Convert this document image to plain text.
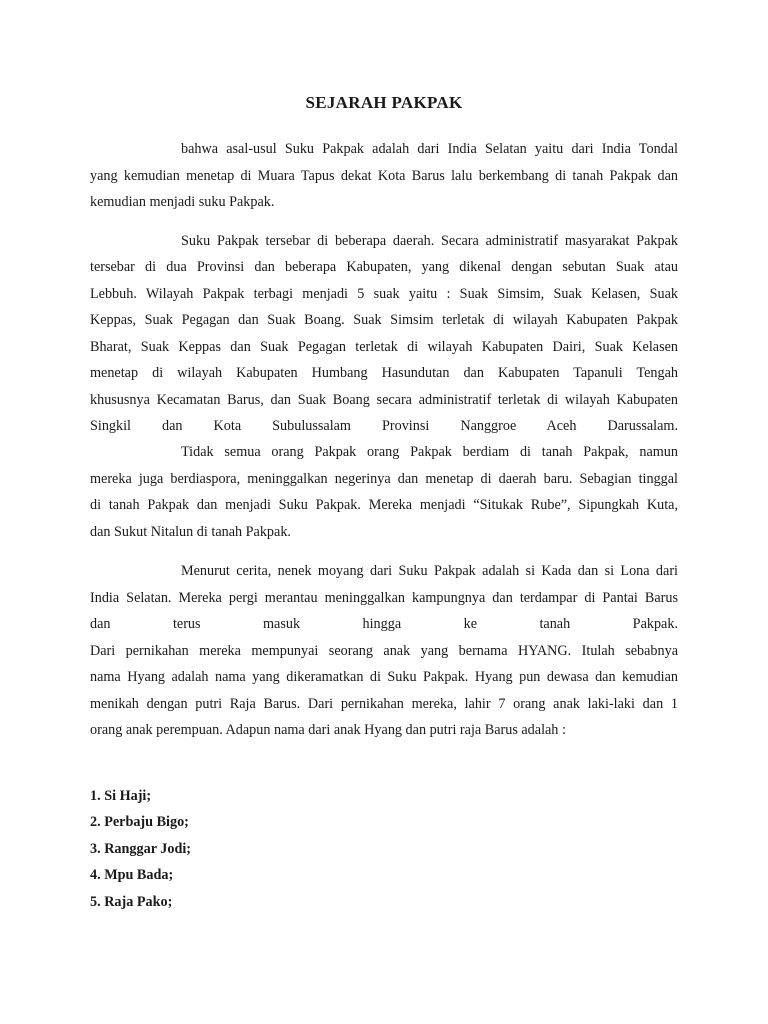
SEJARAH PAKPAK
bahwa asal-usul Suku Pakpak adalah dari India Selatan yaitu dari India Tondal
yang kemudian menetap di Muara Tapus dekat Kota Barus lalu berkembang di tanah Pakpak dan
kemudian menjadi suku Pakpak.
Suku Pakpak tersebar di beberapa daerah. Secara administratif masyarakat Pakpak
tersebar di dua Provinsi dan beberapa Kabupaten, yang dikenal dengan sebutan Suak atau
Lebbuh. Wilayah Pakpak terbagi menjadi 5 suak yaitu : Suak Simsim, Suak Kelasen, Suak
Keppas, Suak Pegagan dan Suak Boang. Suak Simsim terletak di wilayah Kabupaten Pakpak
Bharat, Suak Keppas dan Suak Pegagan terletak di wilayah Kabupaten Dairi, Suak Kelasen
menetap di wilayah Kabupaten Humbang Hasundutan dan Kabupaten Tapanuli Tengah
khususnya Kecamatan Barus, dan Suak Boang secara administratif terletak di wilayah Kabupaten
Singkil dan Kota Subulussalam Provinsi Nanggroe Aceh Darussalam.
Tidak semua orang Pakpak orang Pakpak berdiam di tanah Pakpak, namun
mereka juga berdiaspora, meninggalkan negerinya dan menetap di daerah baru. Sebagian tinggal
di tanah Pakpak dan menjadi Suku Pakpak. Mereka menjadi “Situkak Rube”, Sipungkah Kuta,
dan Sukut Nitalun di tanah Pakpak.
Menurut cerita, nenek moyang dari Suku Pakpak adalah si Kada dan si Lona dari
India Selatan. Mereka pergi merantau meninggalkan kampungnya dan terdampar di Pantai Barus
dan terus masuk hingga ke tanah Pakpak.
Dari pernikahan mereka mempunyai seorang anak yang bernama HYANG. Itulah sebabnya
nama Hyang adalah nama yang dikeramatkan di Suku Pakpak. Hyang pun dewasa dan kemudian
menikah dengan putri Raja Barus. Dari pernikahan mereka, lahir 7 orang anak laki-laki dan 1
orang anak perempuan. Adapun nama dari anak Hyang dan putri raja Barus adalah :
1. Si Haji;
2. Perbaju Bigo;
3. Ranggar Jodi;
4. Mpu Bada;
5. Raja Pako;
